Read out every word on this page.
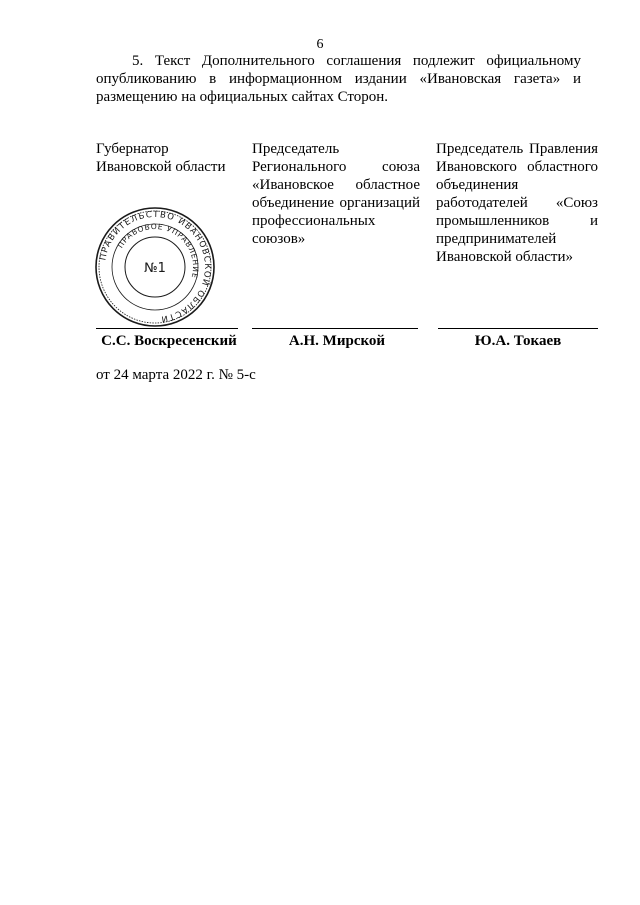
6

5. Текст Дополнительного соглашения подлежит официальному опубликованию в информационном издании «Ивановская газета» и размещению на официальных сайтах Сторон.

Губернатор Ивановской области
Председатель Регионального союза «Ивановское областное объединение организаций профессиональных союзов»
Председатель Правления Ивановского областного объединения работодателей «Союз промышленников и предпринимателей Ивановской области»
ПРАВИТЕЛЬСТВО ИВАНОВСКОЙ ОБЛАСТИ
ПРАВОВОЕ УПРАВЛЕНИЕ
№1
С.С. Воскресенский	А.Н. Мирской	Ю.А. Токаев
от 24 марта 2022 г. № 5-с
